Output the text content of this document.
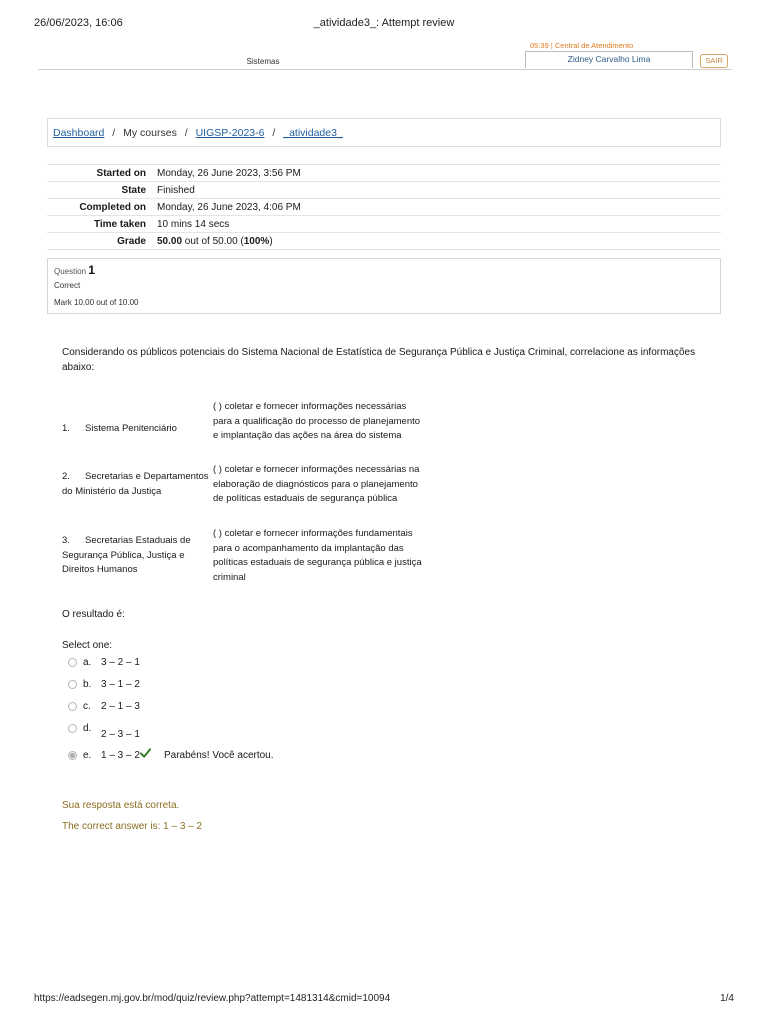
26/06/2023, 16:06	_atividade3_: Attempt review
Sistemas
05:39 | Central de Atendimento
Zidney Carvalho Lima	SAIR
Dashboard / My courses / UIGSP-2023-6 / _atividade3_
Started on Monday, 26 June 2023, 3:56 PM
State Finished
Completed on Monday, 26 June 2023, 4:06 PM
Time taken 10 mins 14 secs
Grade 50.00 out of 50.00 (100%)
Question 1
Correct
Mark 10.00 out of 10.00
Considerando os públicos potenciais do Sistema Nacional de Estatística de Segurança Pública e Justiça Criminal, correlacione as informações abaixo:
1. Sistema Penitenciário
( ) coletar e fornecer informações necessárias para a qualificação do processo de planejamento e implantação das ações na área do sistema
2. Secretarias e Departamentos do Ministério da Justiça
( ) coletar e fornecer informações necessárias na elaboração de diagnósticos para o planejamento de políticas estaduais de segurança pública
3. Secretarias Estaduais de Segurança Pública, Justiça e Direitos Humanos
( ) coletar e fornecer informações fundamentais para o acompanhamento da implantação das políticas estaduais de segurança pública e justiça criminal
O resultado é:
Select one:
a. 3 – 2 – 1
b. 3 – 1 – 2
c. 2 – 1 – 3
d.
2 – 3 – 1
e. 1 – 3 – 2 Parabéns! Você acertou.
Sua resposta está correta.
The correct answer is: 1 – 3 – 2
https://eadsegen.mj.gov.br/mod/quiz/review.php?attempt=1481314&cmid=10094	1/4
